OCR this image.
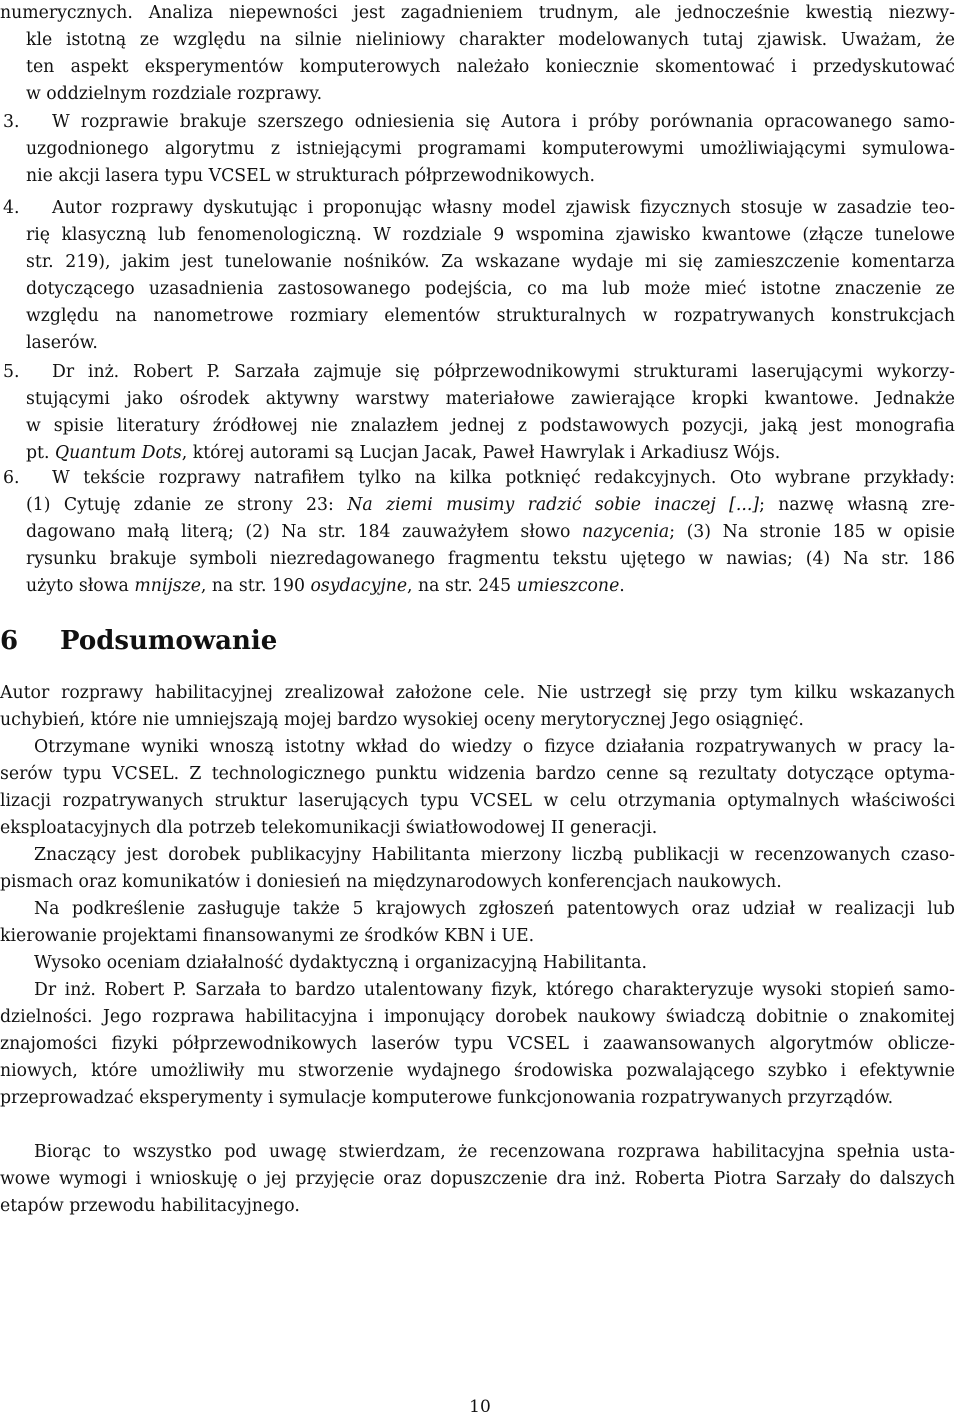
numerycznych. Analiza niepewności jest zagadnieniem trudnym, ale jednocześnie kwestią niezwy-
kle istotną ze względu na silnie nieliniowy charakter modelowanych tutaj zjawisk. Uważam, że
ten aspekt eksperymentów komputerowych należało koniecznie skomentować i przedyskutować
w oddzielnym rozdziale rozprawy.
3.	W rozprawie brakuje szerszego odniesienia się Autora i próby porównania opracowanego samo-
uzgodnionego algorytmu z istniejącymi programami komputerowymi umożliwiającymi symulowa-
nie akcji lasera typu VCSEL w strukturach półprzewodnikowych.
4.	Autor rozprawy dyskutując i proponując własny model zjawisk fizycznych stosuje w zasadzie teo-
rię klasyczną lub fenomenologiczną. W rozdziale 9 wspomina zjawisko kwantowe (złącze tunelowe
str. 219), jakim jest tunelowanie nośników. Za wskazane wydaje mi się zamieszczenie komentarza
dotyczącego uzasadnienia zastosowanego podejścia, co ma lub może mieć istotne znaczenie ze
względu na nanometrowe rozmiary elementów strukturalnych w rozpatrywanych konstrukcjach
laserów.
5.	Dr inż. Robert P. Sarzała zajmuje się półprzewodnikowymi strukturami laserującymi wykorzy-
stującymi jako ośrodek aktywny warstwy materiałowe zawierające kropki kwantowe. Jednakże
w spisie literatury źródłowej nie znalazłem jednej z podstawowych pozycji, jaką jest monografia
pt. Quantum Dots, której autorami są Lucjan Jacak, Paweł Hawrylak i Arkadiusz Wójs.
6.	W tekście rozprawy natrafiłem tylko na kilka potknięć redakcyjnych. Oto wybrane przykłady:
(1) Cytuję zdanie ze strony 23: Na ziemi musimy radzić sobie inaczej [...]; nazwę własną zre-
dagowano małą literą; (2) Na str. 184 zauważyłem słowo nazycenia; (3) Na stronie 185 w opisie
rysunku brakuje symboli niezredagowanego fragmentu tekstu ujętego w nawias; (4) Na str. 186
użyto słowa mnijsze, na str. 190 osydacyjne, na str. 245 umieszcone.
6 Podsumowanie
Autor rozprawy habilitacyjnej zrealizował założone cele. Nie ustrzegł się przy tym kilku wskazanych
uchybień, które nie umniejszają mojej bardzo wysokiej oceny merytorycznej Jego osiągnięć.
Otrzymane wyniki wnoszą istotny wkład do wiedzy o fizyce działania rozpatrywanych w pracy la-
serów typu VCSEL. Z technologicznego punktu widzenia bardzo cenne są rezultaty dotyczące optyma-
lizacji rozpatrywanych struktur laserujących typu VCSEL w celu otrzymania optymalnych właściwości
eksploatacyjnych dla potrzeb telekomunikacji światłowodowej II generacji.
Znaczący jest dorobek publikacyjny Habilitanta mierzony liczbą publikacji w recenzowanych czaso-
pismach oraz komunikatów i doniesień na międzynarodowych konferencjach naukowych.
Na podkreślenie zasługuje także 5 krajowych zgłoszeń patentowych oraz udział w realizacji lub
kierowanie projektami finansowanymi ze środków KBN i UE.
Wysoko oceniam działalność dydaktyczną i organizacyjną Habilitanta.
Dr inż. Robert P. Sarzała to bardzo utalentowany fizyk, którego charakteryzuje wysoki stopień samo-
dzielności. Jego rozprawa habilitacyjna i imponujący dorobek naukowy świadczą dobitnie o znakomitej
znajomości fizyki półprzewodnikowych laserów typu VCSEL i zaawansowanych algorytmów oblicze-
niowych, które umożliwiły mu stworzenie wydajnego środowiska pozwalającego szybko i efektywnie
przeprowadzać eksperymenty i symulacje komputerowe funkcjonowania rozpatrywanych przyrządów.
Biorąc to wszystko pod uwagę stwierdzam, że recenzowana rozprawa habilitacyjna spełnia usta-
wowe wymogi i wnioskuję o jej przyjęcie oraz dopuszczenie dra inż. Roberta Piotra Sarzały do dalszych
etapów przewodu habilitacyjnego.
10
